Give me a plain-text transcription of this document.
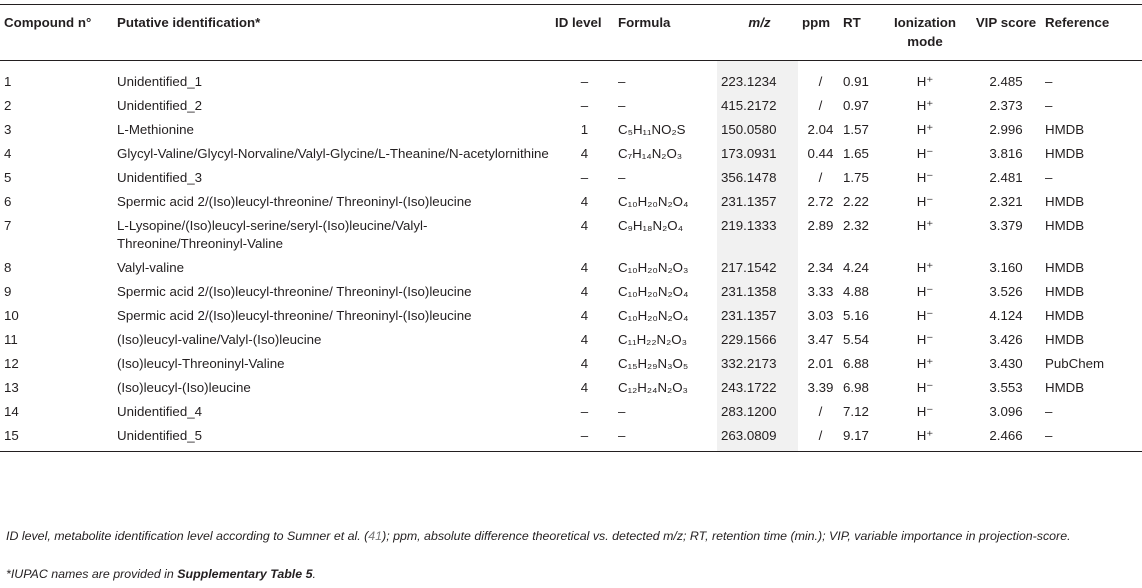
Compound n°	Putative identification*	ID level	Formula	m/z	ppm	RT	Ionization mode	VIP score	Reference
1	Unidentified_1	–	–	223.1234	/	0.91	H⁺	2.485	–
2	Unidentified_2	–	–	415.2172	/	0.97	H⁺	2.373	–
3	L-Methionine	1	C₅H₁₁NO₂S	150.0580	2.04	1.57	H⁺	2.996	HMDB
4	Glycyl-Valine/Glycyl-Norvaline/Valyl-Glycine/L-Theanine/N-acetylornithine	4	C₇H₁₄N₂O₃	173.0931	0.44	1.65	H⁻	3.816	HMDB
5	Unidentified_3	–	–	356.1478	/	1.75	H⁻	2.481	–
6	Spermic acid 2/(Iso)leucyl-threonine/ Threoninyl-(Iso)leucine	4	C₁₀H₂₀N₂O₄	231.1357	2.72	2.22	H⁻	2.321	HMDB
7	L-Lysopine/(Iso)leucyl-serine/seryl-(Iso)leucine/Valyl-Threonine/Threoninyl-Valine	4	C₉H₁₈N₂O₄	219.1333	2.89	2.32	H⁺	3.379	HMDB
8	Valyl-valine	4	C₁₀H₂₀N₂O₃	217.1542	2.34	4.24	H⁺	3.160	HMDB
9	Spermic acid 2/(Iso)leucyl-threonine/ Threoninyl-(Iso)leucine	4	C₁₀H₂₀N₂O₄	231.1358	3.33	4.88	H⁻	3.526	HMDB
10	Spermic acid 2/(Iso)leucyl-threonine/ Threoninyl-(Iso)leucine	4	C₁₀H₂₀N₂O₄	231.1357	3.03	5.16	H⁻	4.124	HMDB
11	(Iso)leucyl-valine/Valyl-(Iso)leucine	4	C₁₁H₂₂N₂O₃	229.1566	3.47	5.54	H⁻	3.426	HMDB
12	(Iso)leucyl-Threoninyl-Valine	4	C₁₅H₂₉N₃O₅	332.2173	2.01	6.88	H⁺	3.430	PubChem
13	(Iso)leucyl-(Iso)leucine	4	C₁₂H₂₄N₂O₃	243.1722	3.39	6.98	H⁻	3.553	HMDB
14	Unidentified_4	–	–	283.1200	/	7.12	H⁻	3.096	–
15	Unidentified_5	–	–	263.0809	/	9.17	H⁺	2.466	–
ID level, metabolite identification level according to Sumner et al. (41); ppm, absolute difference theoretical vs. detected m/z; RT, retention time (min.); VIP, variable importance in projection-score.
*IUPAC names are provided in Supplementary Table 5.
